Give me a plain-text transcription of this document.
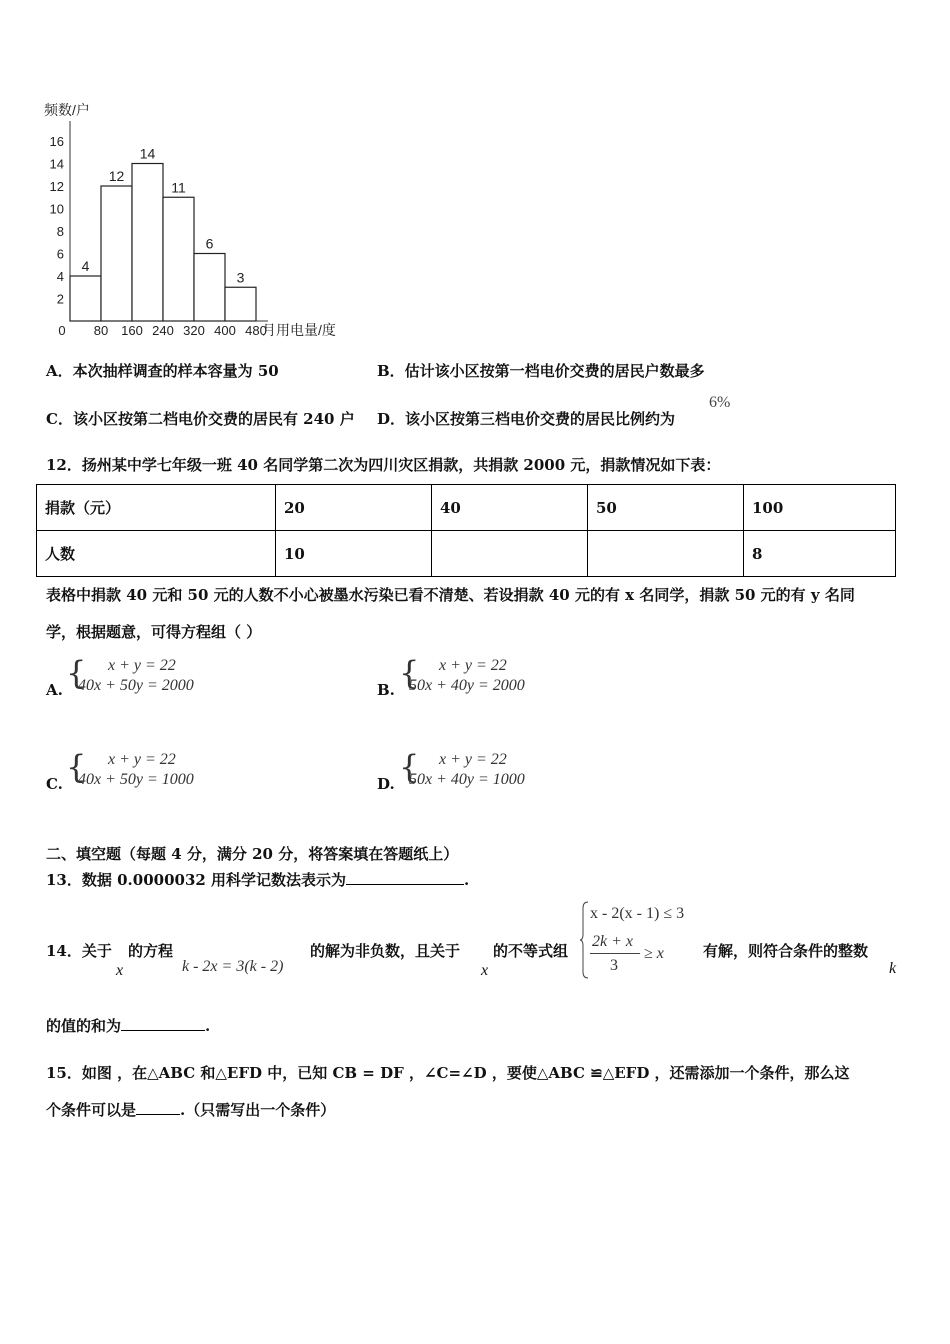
频数/户
2
4
6
8
10
12
14
16
0 80 160 240 320 400 480
月用电量/度
4
12
14
11
6
3
A．本次抽样调查的样本容量为 50	B．估计该小区按第一档电价交费的居民户数最多
C．该小区按第二档电价交费的居民有 240 户 D．该小区按第三档电价交费的居民比例约为
6%
12．扬州某中学七年级一班 40 名同学第二次为四川灾区捐款，共捐款 2000 元，捐款情况如下表：
捐款（元）	20	40	50	100
人数	10			8
表格中捐款 40 元和 50 元的人数不小心被墨水污染已看不清楚、若设捐款 40 元的有 x 名同学，捐款 50 元的有 y 名同
学，根据题意，可得方程组（ ）
A. { x + y = 22
40x + 50y = 2000	B. { x + y = 22
50x + 40y = 2000
C. { x + y = 22
40x + 50y = 1000	D. { x + y = 22
50x + 40y = 1000
二、填空题（每题 4 分，满分 20 分，将答案填在答题纸上）
13．数据 0.0000032 用科学记数法表示为	.
14．关于
x
的方程
k - 2x = 3(k - 2)
的解为非负数，且关于
x
的不等式组
x - 2(x - 1) ≤ 3
2k + x
3
≥ x	有解，则符合条件的整数
k
的值的和为	.
15．如图 ，在△ABC 和△EFD 中，已知 CB = DF ，∠C=∠D ，要使△ABC ≌△EFD ，还需添加一个条件，那么这
个条件可以是	.（只需写出一个条件）
